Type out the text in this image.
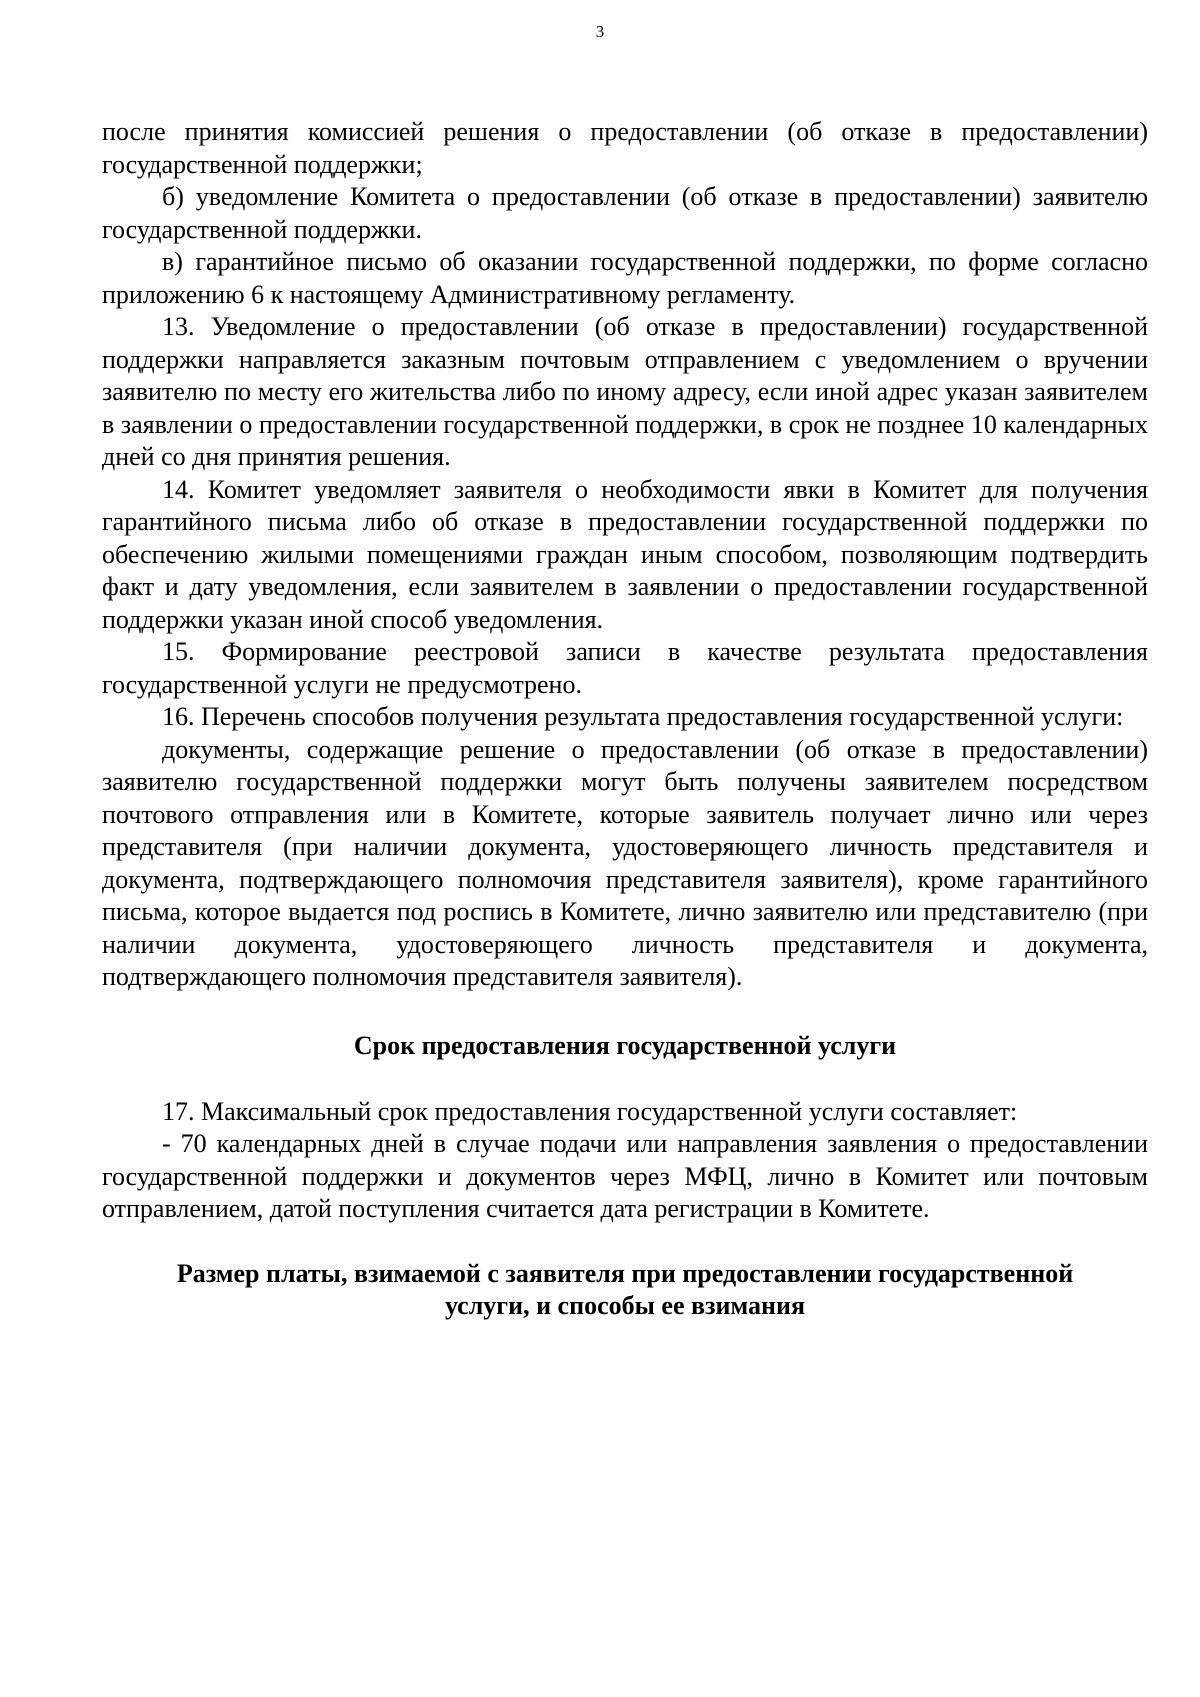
3

после принятия комиссией решения о предоставлении (об отказе в предоставлении) государственной поддержки;

б) уведомление Комитета о предоставлении (об отказе в предоставлении) заявителю государственной поддержки.

в) гарантийное письмо об оказании государственной поддержки, по форме согласно приложению 6 к настоящему Административному регламенту.

13. Уведомление о предоставлении (об отказе в предоставлении) государственной поддержки направляется заказным почтовым отправлением с уведомлением о вручении заявителю по месту его жительства либо по иному адресу, если иной адрес указан заявителем в заявлении о предоставлении государственной поддержки, в срок не позднее 10 календарных дней со дня принятия решения.

14. Комитет уведомляет заявителя о необходимости явки в Комитет для получения гарантийного письма либо об отказе в предоставлении государственной поддержки по обеспечению жилыми помещениями граждан иным способом, позволяющим подтвердить факт и дату уведомления, если заявителем в заявлении о предоставлении государственной поддержки указан иной способ уведомления.

15. Формирование реестровой записи в качестве результата предоставления государственной услуги не предусмотрено.

16. Перечень способов получения результата предоставления государственной услуги:

документы, содержащие решение о предоставлении (об отказе в предоставлении) заявителю государственной поддержки могут быть получены заявителем посредством почтового отправления или в Комитете, которые заявитель получает лично или через представителя (при наличии документа, удостоверяющего личность представителя и документа, подтверждающего полномочия представителя заявителя), кроме гарантийного письма, которое выдается под роспись в Комитете, лично заявителю или представителю (при наличии документа, удостоверяющего личность представителя и документа, подтверждающего полномочия представителя заявителя).

Срок предоставления государственной услуги

17. Максимальный срок предоставления государственной услуги составляет:

- 70 календарных дней в случае подачи или направления заявления о предоставлении государственной поддержки и документов через МФЦ, лично в Комитет или почтовым отправлением, датой поступления считается дата регистрации в Комитете.

Размер платы, взимаемой с заявителя при предоставлении государственной
услуги, и способы ее взимания
